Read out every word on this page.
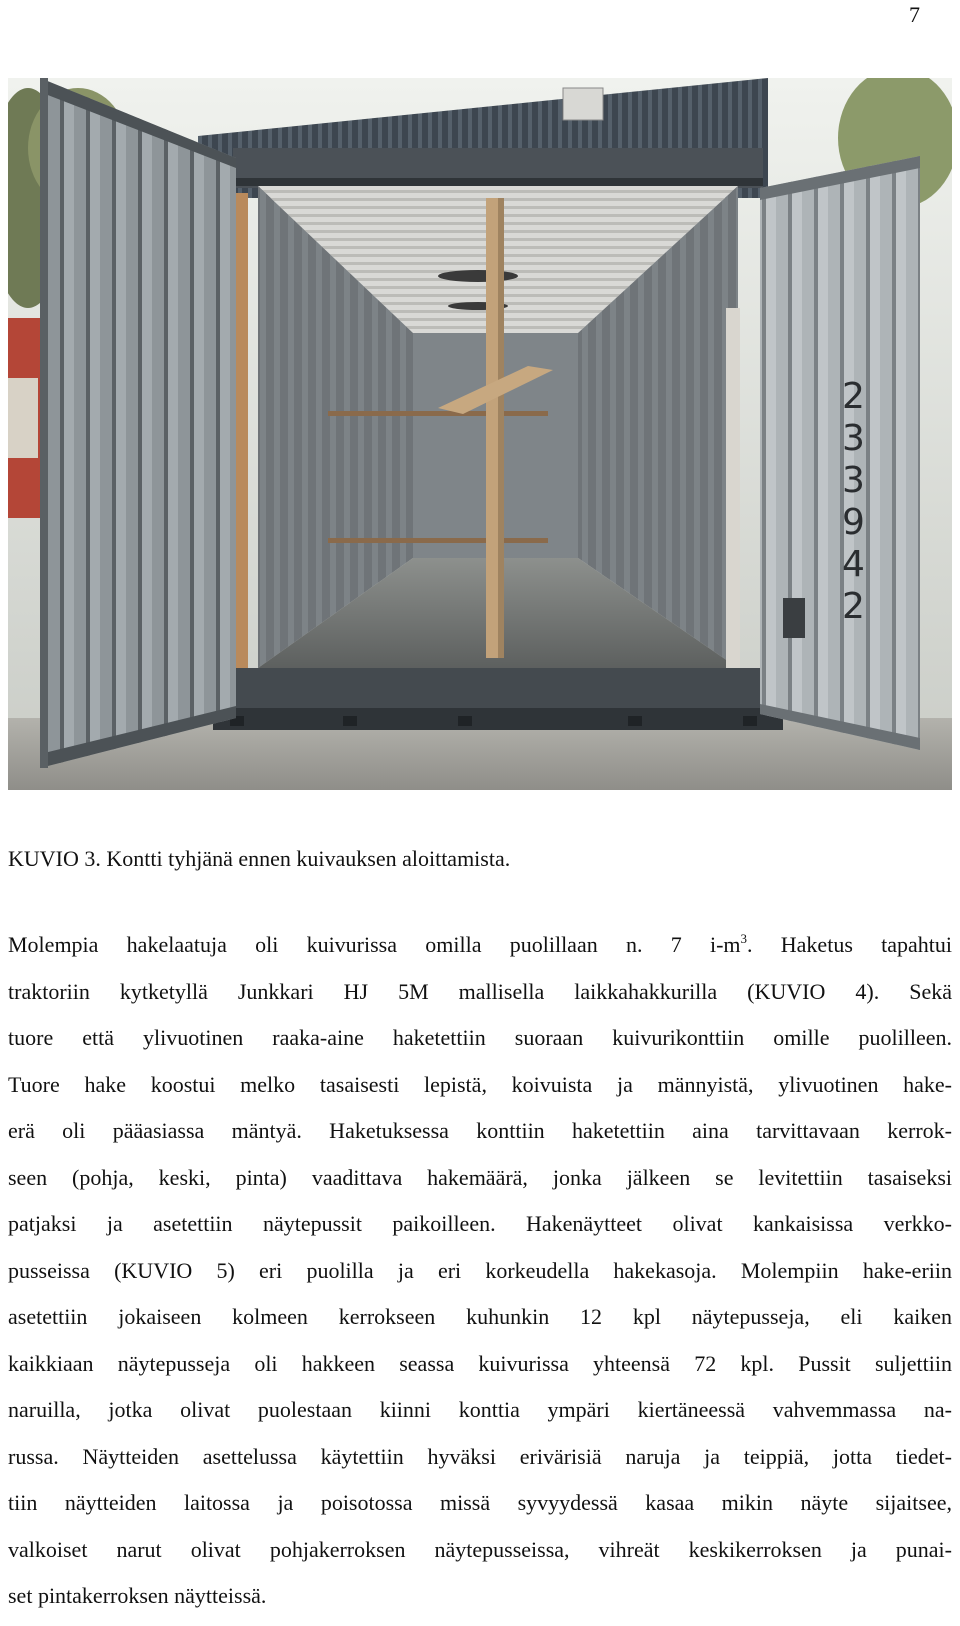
7
2
3
3
9
4
2
KUVIO 3. Kontti tyhjänä ennen kuivauksen aloittamista.
Molempia hakelaatuja oli kuivurissa omilla puolillaan n. 7 $i-m^3$. Haketus tapahtui
traktoriin kytketyllä Junkkari HJ 5M mallisella laikkahakkurilla (KUVIO 4). Sekä
tuore että ylivuotinen raaka-aine haketettiin suoraan kuivurikonttiin omille puolilleen.
Tuore hake koostui melko tasaisesti lepistä, koivuista ja männyistä, ylivuotinen hake-
erä oli pääasiassa mäntyä. Haketuksessa konttiin haketettiin aina tarvittavaan kerrok-
seen (pohja, keski, pinta) vaadittava hakemäärä, jonka jälkeen se levitettiin tasaiseksi
patjaksi ja asetettiin näytepussit paikoilleen. Hakenäytteet olivat kankaisissa verkko-
pusseissa (KUVIO 5) eri puolilla ja eri korkeudella hakekasoja. Molempiin hake-eriin
asetettiin jokaiseen kolmeen kerrokseen kuhunkin 12 kpl näytepusseja, eli kaiken
kaikkiaan näytepusseja oli hakkeen seassa kuivurissa yhteensä 72 kpl. Pussit suljettiin
naruilla, jotka olivat puolestaan kiinni konttia ympäri kiertäneessä vahvemmassa na-
russa. Näytteiden asettelussa käytettiin hyväksi erivärisiä naruja ja teippiä, jotta tiedet-
tiin näytteiden laitossa ja poisotossa missä syvyydessä kasaa mikin näyte sijaitsee,
valkoiset narut olivat pohjakerroksen näytepusseissa, vihreät keskikerroksen ja punai-
set pintakerroksen näytteissä.
